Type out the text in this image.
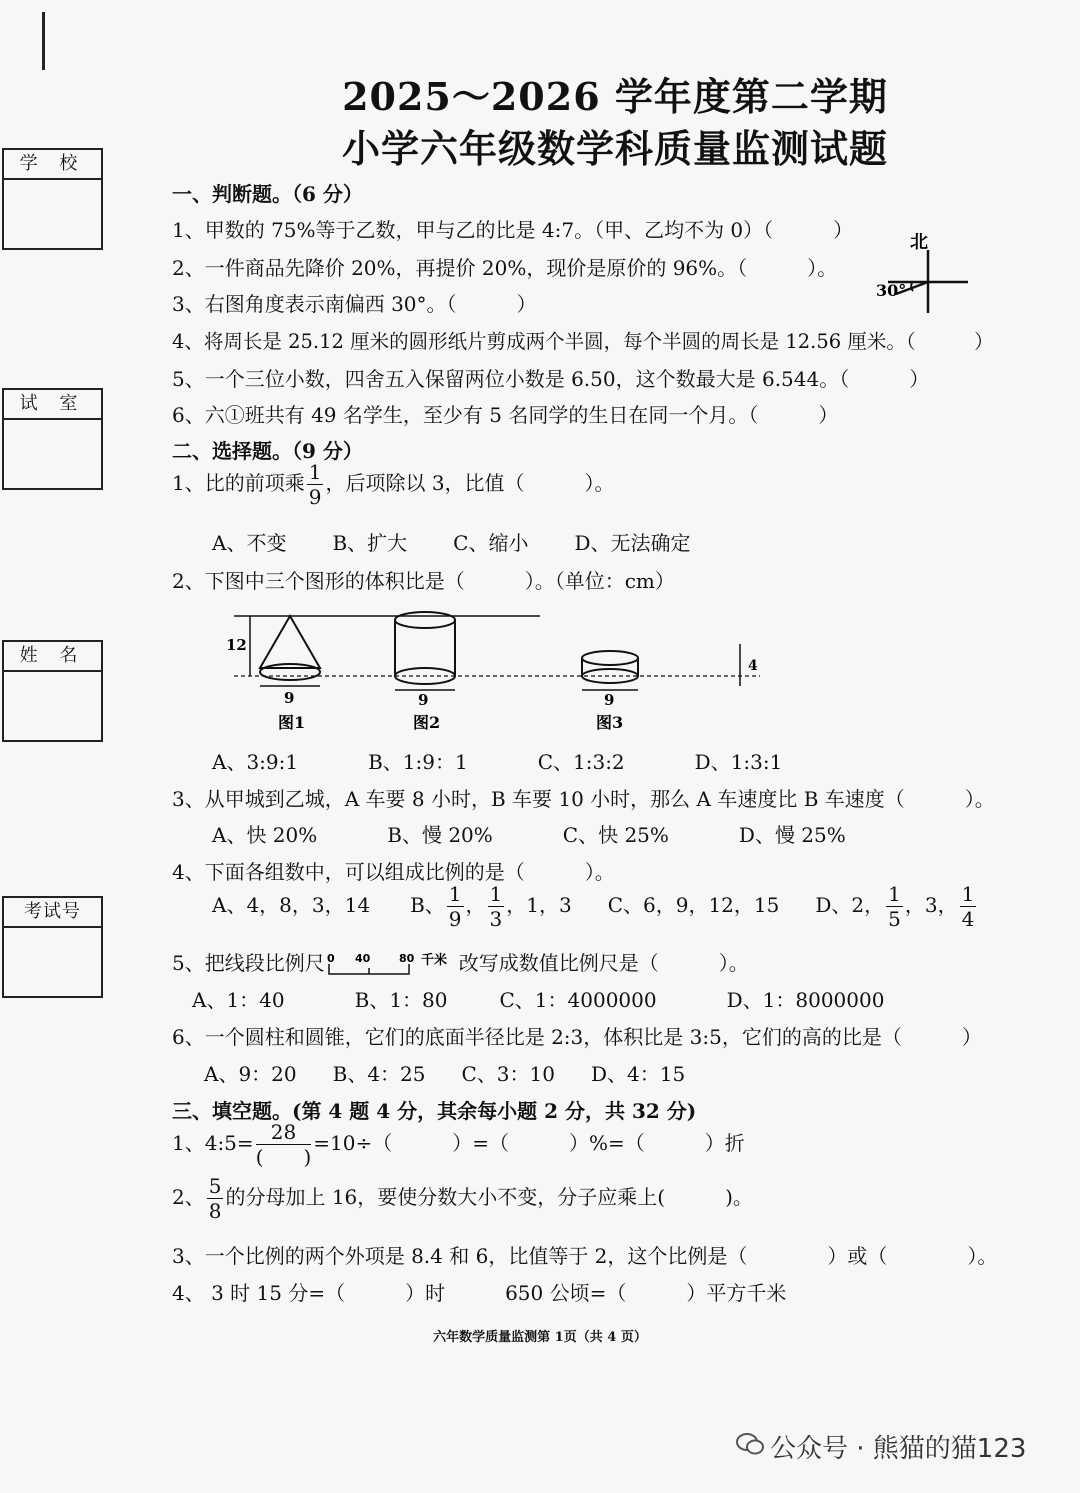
2025～2026 学年度第二学期
小学六年级数学科质量监测试题
学 校
试 室
姓 名
考试号
一、判断题。（6 分）
1、甲数的 75%等于乙数，甲与乙的比是 4:7。（甲、乙均不为 0）（　　　）
2、一件商品先降价 20%，再提价 20%，现价是原价的 96%。（　　　）。
3、右图角度表示南偏西 30°。（　　　）
4、将周长是 25.12 厘米的圆形纸片剪成两个半圆，每个半圆的周长是 12.56 厘米。（　　　）
5、一个三位小数，四舍五入保留两位小数是 6.50，这个数最大是 6.544。（　　　）
6、六①班共有 49 名学生，至少有 5 名同学的生日在同一个月。（　　　）
北
30°
二、选择题。（9 分）
1、比的前项乘 $\frac{1}{9}$ ，后项除以 3，比值（　　　）。
A、不变 B、扩大 C、缩小 D、无法确定
2、下图中三个图形的体积比是（　　　）。（单位：cm）
12
9
图1
9
图2
9
图3
4
A、3:9:1	B、1:9：1	C、1:3:2	D、1:3:1
3、从甲城到乙城，A 车要 8 小时，B 车要 10 小时，那么 A 车速度比 B 车速度（　　　）。
A、快 20%	B、慢 20%	C、快 25%	D、慢 25%
4、下面各组数中，可以组成比例的是（　　　）。
A、4，8，3，14 B、 $\frac{1}{9}$ ， $\frac{1}{3}$ ，1，3 C、6，9，12，15 D、2， $\frac{1}{5}$ ，3， $\frac{1}{4}$
5、把线段比例尺 0 40	80 千米 改写成数值比例尺是（　　　）。
A、1：40	B、1：80	C、1：4000000	D、1：8000000
6、一个圆柱和圆锥，它们的底面半径比是 2:3，体积比是 3:5，它们的高的比是（　　　）
A、9：20 B、4：25 C、3：10 D、4：15
三、填空题。(第 4 题 4 分，其余每小题 2 分，共 32 分)
1、4:5= $\frac{28}{( )} =10\div$（　　　）=（　　　）%=（　　　）折
2、 $\frac{5}{8}$ 的分母加上 16，要使分数大小不变，分子应乘上(　　　)。
3、一个比例的两个外项是 8.4 和 6，比值等于 2，这个比例是（　　　　）或（　　　　）。
4、 3 时 15 分=（　　　）时　　　650 公顷=（　　　）平方千米
六年数学质量监测第 1页（共 4 页）
公众号 · 熊猫的猫123
